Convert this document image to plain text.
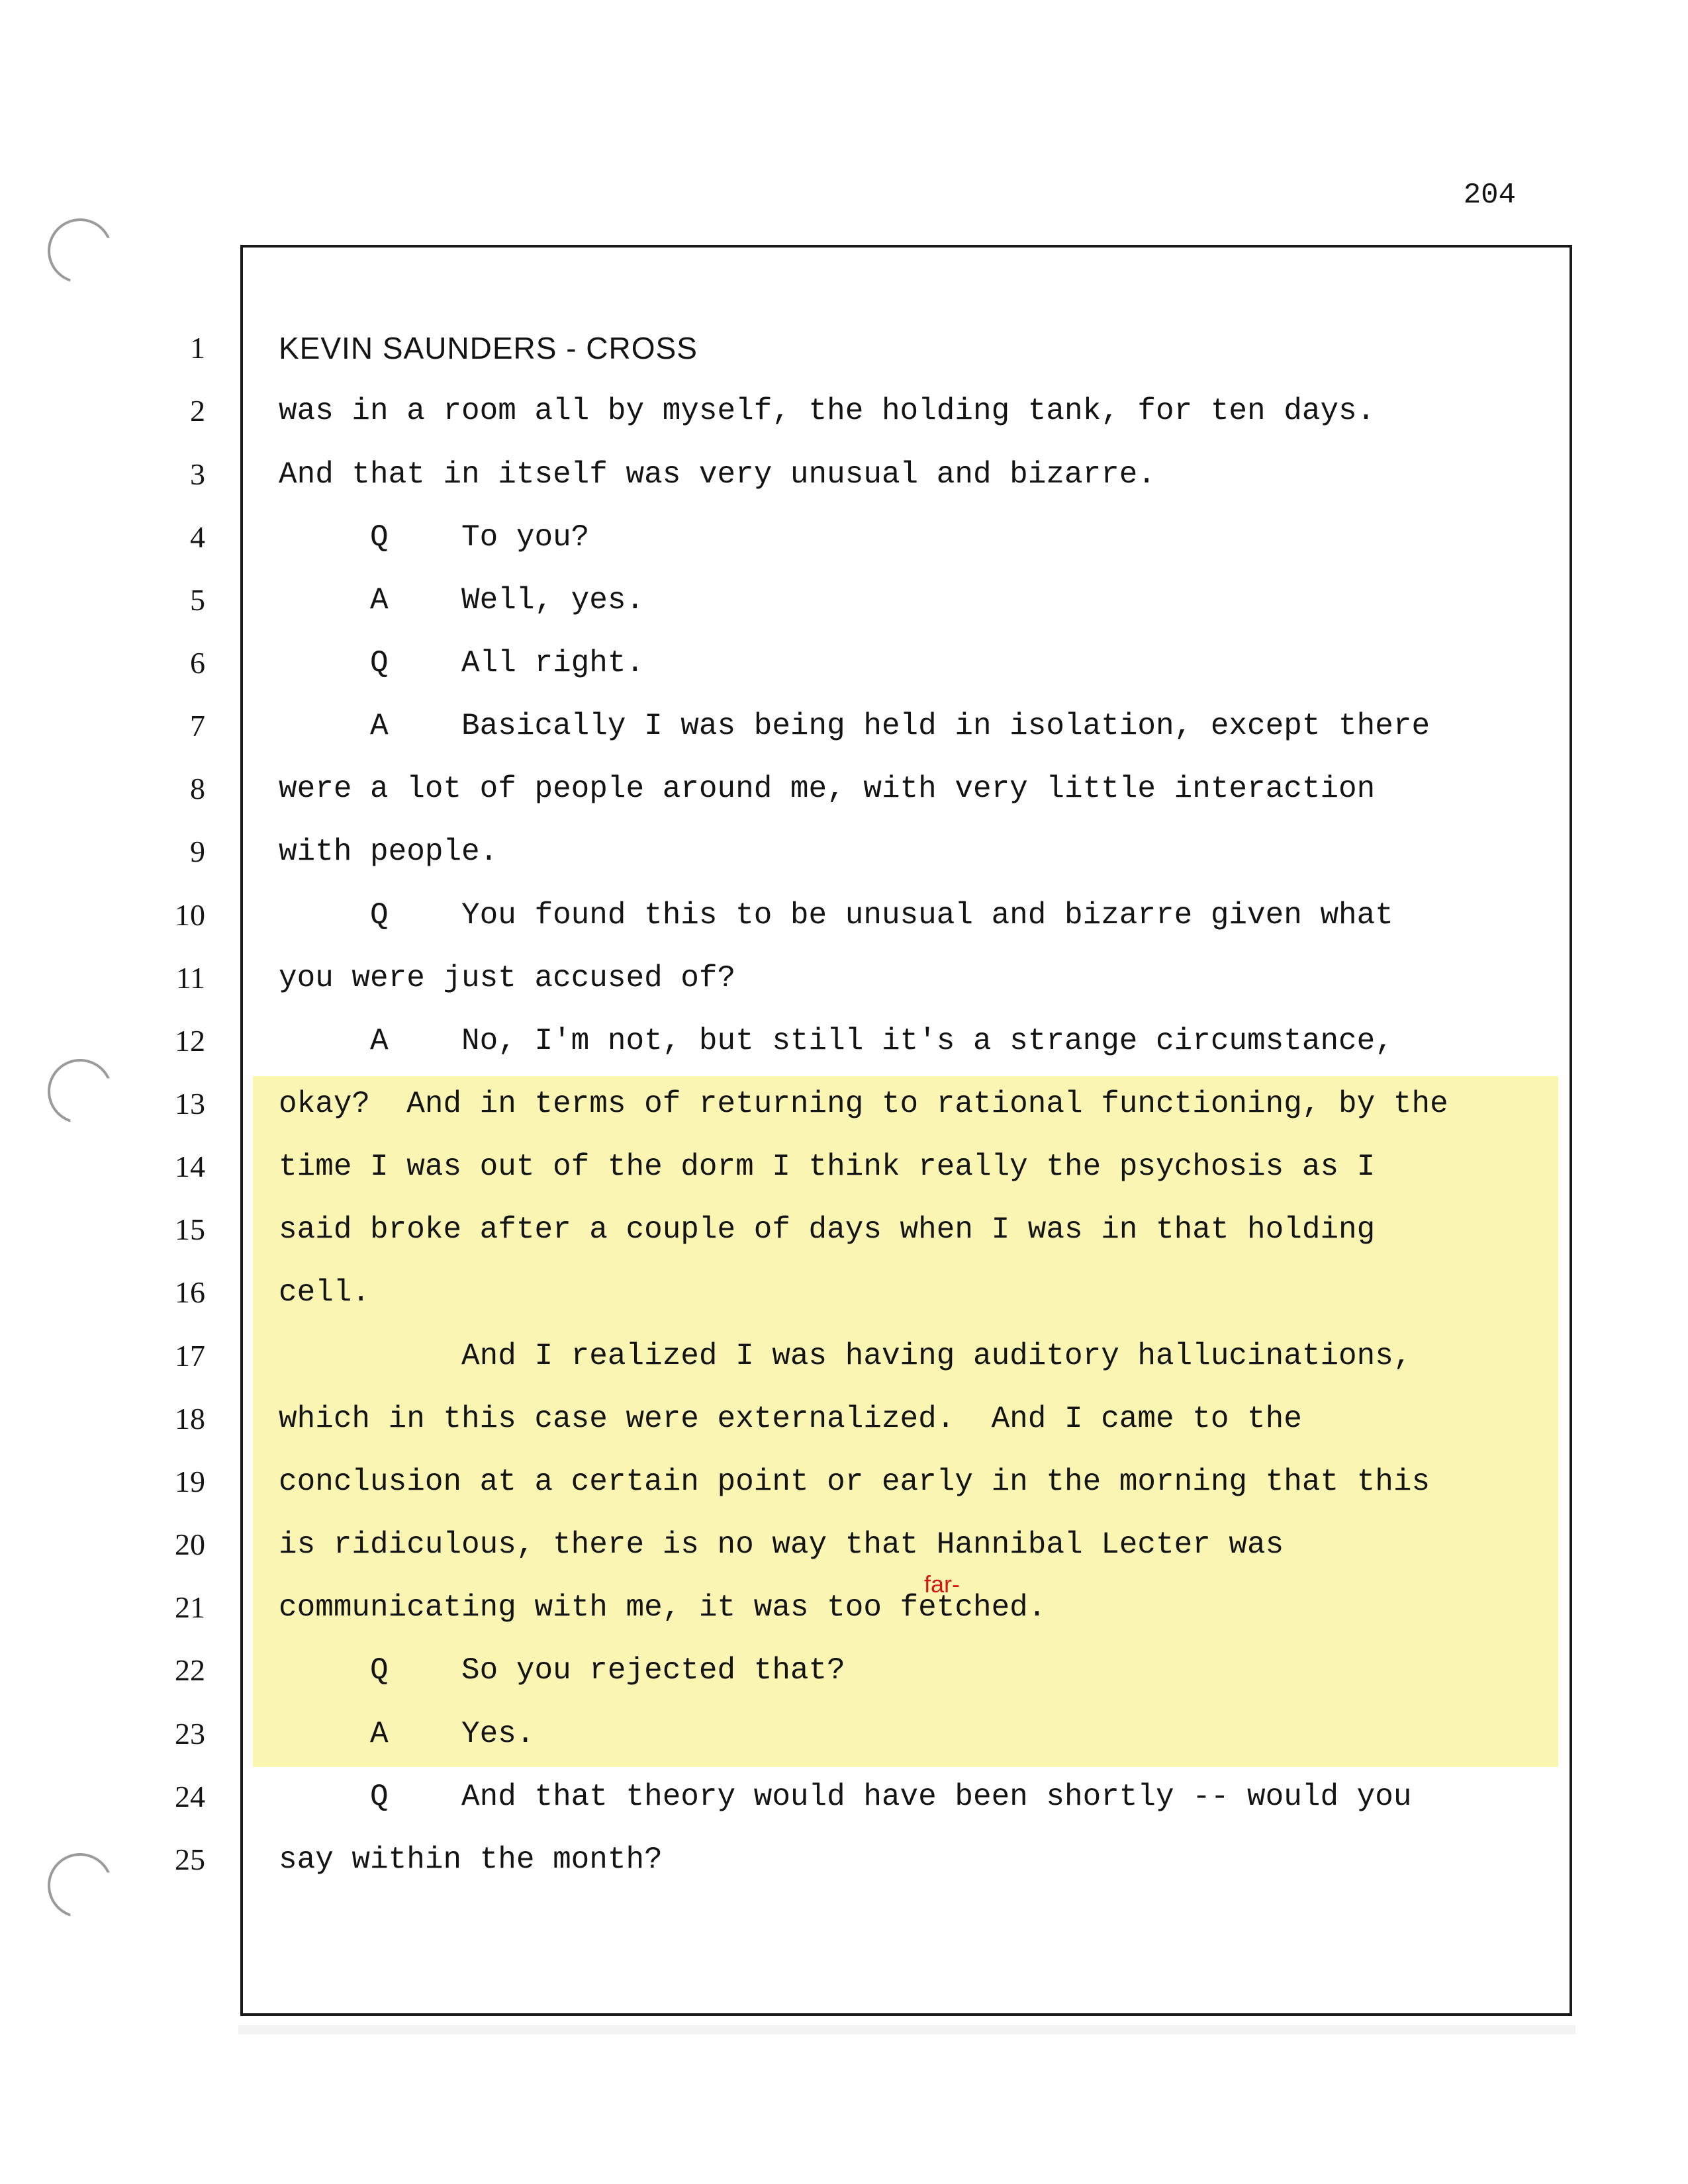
204
1
2
3
4
5
6
7
8
9
10
11
12
13
14
15
16
17
18
19
20
21
22
23
24
25
KEVIN SAUNDERS - CROSS
was in a room all by myself, the holding tank, for ten days.
And that in itself was very unusual and bizarre.
Q    To you?
A    Well, yes.
Q    All right.
A    Basically I was being held in isolation, except there
were a lot of people around me, with very little interaction
with people.
Q    You found this to be unusual and bizarre given what
you were just accused of?
A    No, I'm not, but still it's a strange circumstance,
okay?  And in terms of returning to rational functioning, by the
time I was out of the dorm I think really the psychosis as I
said broke after a couple of days when I was in that holding
cell.
And I realized I was having auditory hallucinations,
which in this case were externalized.  And I came to the
conclusion at a certain point or early in the morning that this
is ridiculous, there is no way that Hannibal Lecter was
communicating with me, it was too fetched.
Q    So you rejected that?
A    Yes.
Q    And that theory would have been shortly -- would you
say within the month?
far-
